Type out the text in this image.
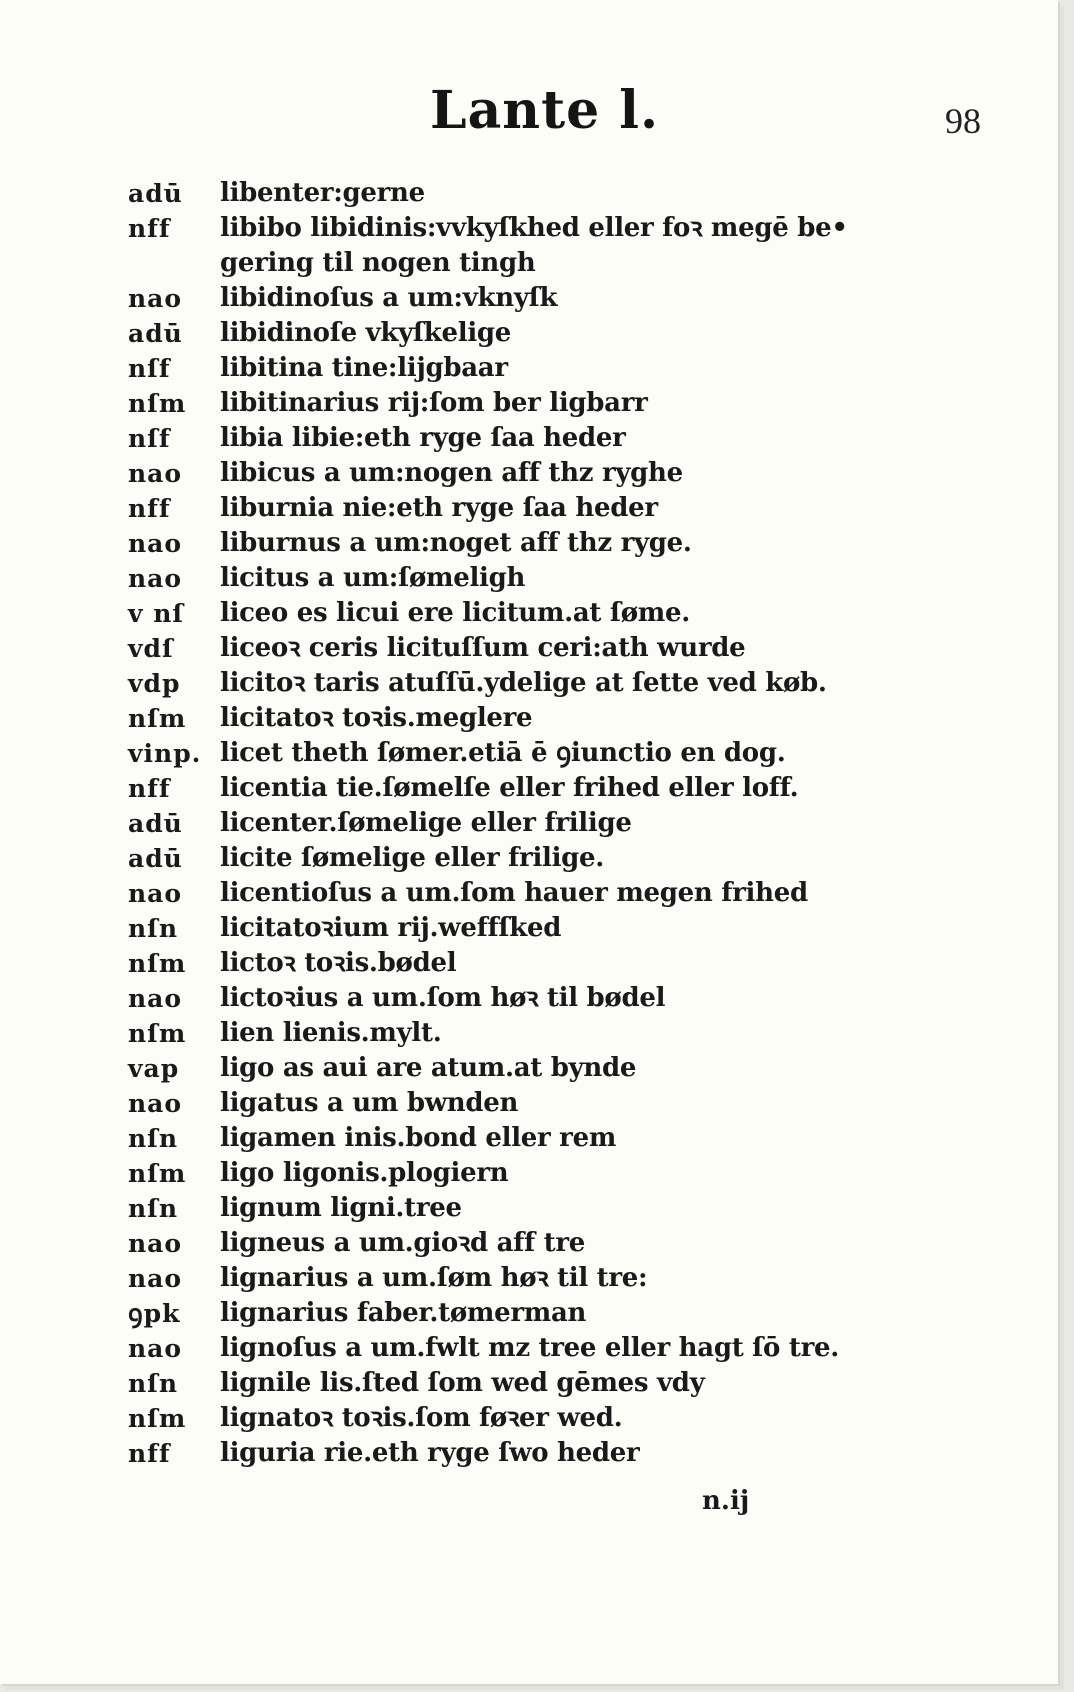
Lante l.	98
adū	libenter:gerne
nff	libibo libidinis:vvkyſkhed eller foꝛ megē be• gering til nogen tingh
nao	libidinoſus a um:vknyſk
adū	libidinoſe vkyſkelige
nſf	libitina tine:lijgbaar
nſm	libitinarius rij:ſom ber ligbarr
nſf	libia libie:eth ryge ſaa heder
nao	libicus a um:nogen aff thz ryghe
nff	liburnia nie:eth ryge ſaa heder
nao	liburnus a um:noget aff thz ryge.
nao	licitus a um:ſømeligh
v nſ	liceo es licui ere licitum.at ſøme.
vdſ	liceoꝛ ceris licituſſum ceri:ath wurde
vdp	licitoꝛ taris atuſſū.ydelige at ſette ved køb.
nſm	licitatoꝛ toꝛis.meglere
vinp. licet theth ſømer.etiā ē ꝯiunctio en dog.
nff	licentia tie.ſømelſe eller frihed eller loff.
adū	licenter.ſømelige eller frilige
adū	licite ſømelige eller frilige.
nao	licentioſus a um.ſom hauer megen frihed
nſn	licitatoꝛium rij.weffſked
nſm	lictoꝛ toꝛis.bødel
nao	lictoꝛius a um.ſom høꝛ til bødel
nſm	lien lienis.mylt.
vap	ligo as aui are atum.at bynde
nao	ligatus a um bwnden
nſn	ligamen inis.bond eller rem
nſm	ligo ligonis.plogiern
nſn	lignum ligni.tree
nao	ligneus a um.gioꝛd aff tre
nao	lignarius a um.ſøm høꝛ til tre:
ꝯpk	lignarius faber.tømerman
nao	lignoſus a um.fwlt mz tree eller hagt ſō tre.
nſn	lignile lis.ſted ſom wed gēmes vdy
nſm	lignatoꝛ toꝛis.ſom føꝛer wed.
nff	liguria rie.eth ryge ſwo heder
n.ij
